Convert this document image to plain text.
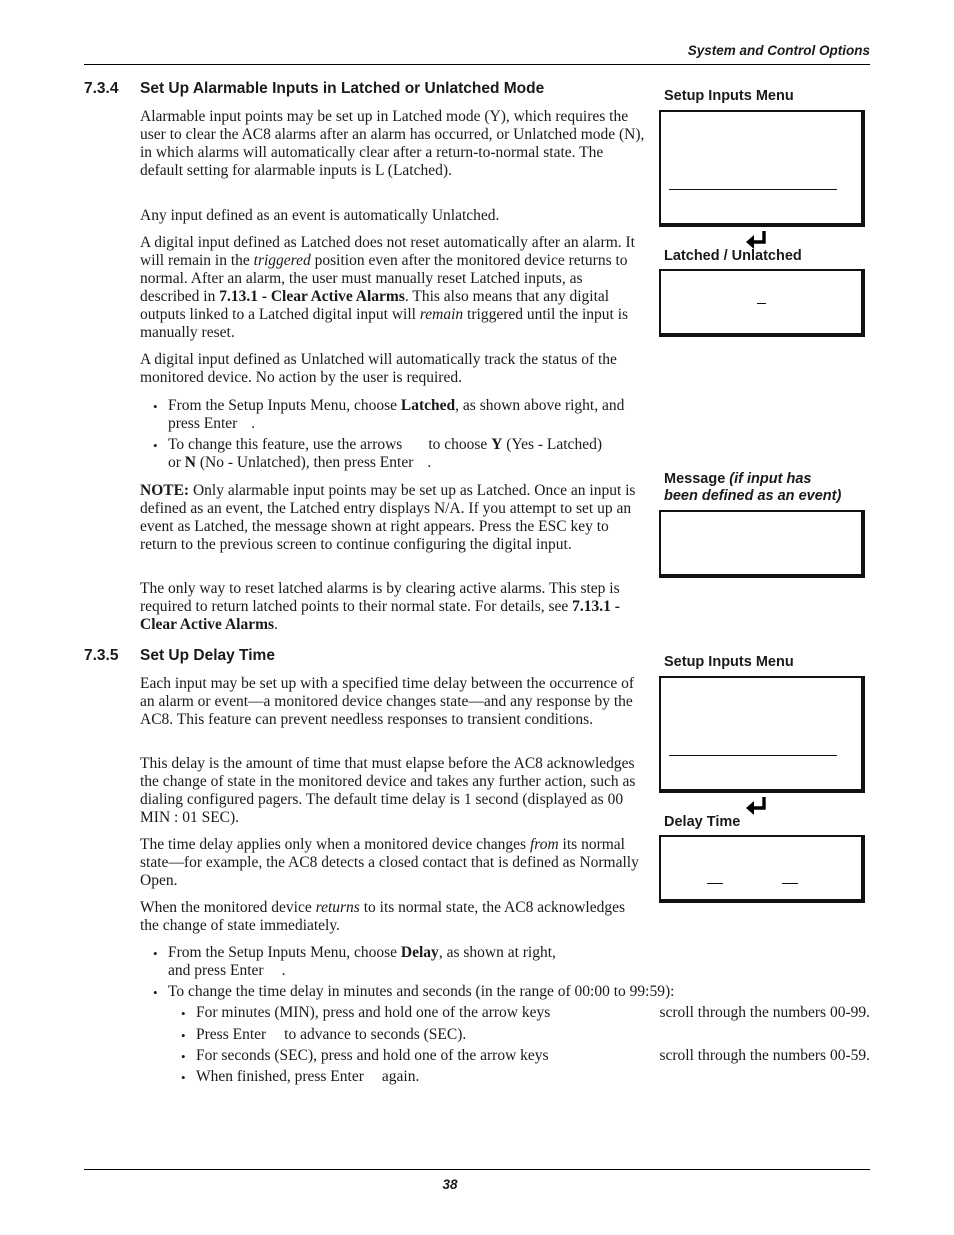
System and Control Options
7.3.4 Set Up Alarmable Inputs in Latched or Unlatched Mode

Alarmable input points may be set up in Latched mode (Y), which requires the user to clear the AC8 alarms after an alarm has occurred, or Unlatched mode (N), in which alarms will automatically clear after a return-to-normal state. The default setting for alarmable inputs is L (Latched).

Any input defined as an event is automatically Unlatched.

A digital input defined as Latched does not reset automatically after an alarm. It will remain in the triggered position even after the monitored device returns to normal. After an alarm, the user must manually reset Latched inputs, as described in 7.13.1 - Clear Active Alarms. This also means that any digital outputs linked to a Latched digital input will remain triggered until the input is manually reset.

A digital input defined as Unlatched will automatically track the status of the monitored device. No action by the user is required.

• From the Setup Inputs Menu, choose Latched, as shown above right, and press Enter .

• To change this feature, use the arrows to choose Y (Yes - Latched) or N (No - Unlatched), then press Enter .

NOTE: Only alarmable input points may be set up as Latched. Once an input is defined as an event, the Latched entry displays N/A. If you attempt to set up an event as Latched, the message shown at right appears. Press the ESC key to return to the previous screen to continue configuring the digital input.

The only way to reset latched alarms is by clearing active alarms. This step is required to return latched points to their normal state. For details, see 7.13.1 - Clear Active Alarms.

7.3.5 Set Up Delay Time

Each input may be set up with a specified time delay between the occurrence of an alarm or event—a monitored device changes state—and any response by the AC8. This feature can prevent needless responses to transient conditions.

This delay is the amount of time that must elapse before the AC8 acknowledges the change of state in the monitored device and takes any further action, such as dialing configured pagers. The default time delay is 1 second (displayed as 00 MIN : 01 SEC).

The time delay applies only when a monitored device changes from its normal state—for example, the AC8 detects a closed contact that is defined as Normally Open.

When the monitored device returns to its normal state, the AC8 acknowledges the change of state immediately.

• From the Setup Inputs Menu, choose Delay, as shown at right,
and press Enter .

• To change the time delay in minutes and seconds (in the range of 00:00 to 99:59):

• For minutes (MIN), press and hold one of the arrow keys	scroll through the numbers 00-99.
• Press Enter to advance to seconds (SEC).
• For seconds (SEC), press and hold one of the arrow keys	scroll through the numbers 00-59.
• When finished, press Enter again.
Setup Inputs Menu
Latched / Unlatched
Message (if input has
been defined as an event)
Setup Inputs Menu
Delay Time
38
